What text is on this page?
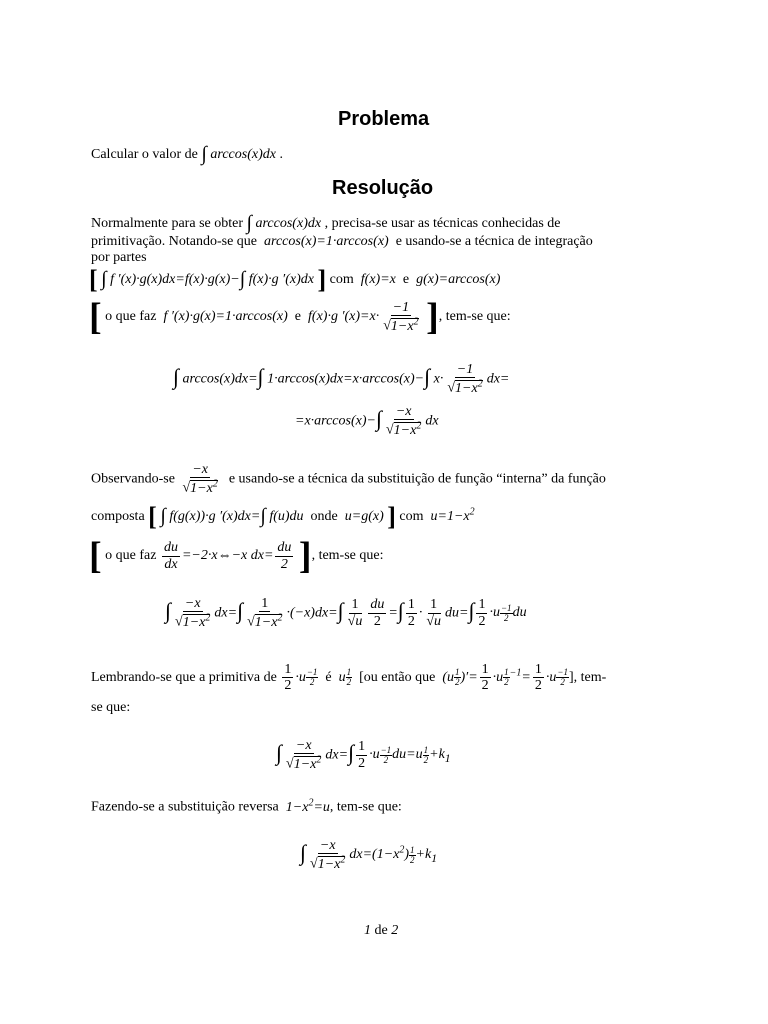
Problema
Calcular o valor de ∫ arccos(x)dx .
Resolução
Normalmente para se obter ∫ arccos(x)dx , precisa-se usar as técnicas conhecidas de
primitivação. Notando-se que arccos(x)=1·arccos(x)  e usando-se a técnica de integração
por partes
[ ∫ f ′(x)·g(x)dx=f(x)·g(x)−∫ f(x)·g ′(x)dx ] com f(x)=x e g(x)=arccos(x)
[ o que faz f ′(x)·g(x)=1·arccos(x) e f(x)·g $'(x)=x\cdot \frac{-1}{√1-x^2}$ ], tem-se que:
∫ arccos(x)dx=∫ 1·arccos(x)dx=x·arccos(x)−∫ $x\cdot \frac{-1}{√1-x^2} dx=$
$=x\cdot\arccos(x)-\int \frac{-x}{√1-x^2}$ dx
Observando-se $\frac{-x}{√1-x^2}$ e usando-se a técnica da substituição de função “interna” da função
composta [ ∫ f(g(x))·g ′(x)dx=∫ f(u)du onde u=g(x) ] com $u=1-x^2$
[ o que faz $\frac{du}{dx}$ =−2·x⇔−x $dx= \frac{du}{2}$ ], tem-se que:
∫ $\frac{-x}{√1-x^2} dx=\int \frac{1}{√1-x^2} \cdot(-x)dx=\int \frac{1}{√u} \frac{du}{2}$ =∫ $\frac{1}{2} \cdot \frac{1}{√u} du=\int \frac{1}{2} \cdot u \frac{-1}{2}$ du
Lembrando-se que a primitiva de $\frac{1}{2} \cdot u \frac{-1}{2}$ é u $\frac{1}{2} [ou$ então que ($u \frac{1}{2}$ )′= $\frac{1}{2} \cdot u \frac{1}{2} ^{-1}= \frac{1}{2} \cdot u \frac{-1}{2}$ ], tem-
se que:
∫ $\frac{-x}{√1-x^2} dx=\int \frac{1}{2} \cdot u \frac{-1}{2} du=u \frac{1}{2} +k_1$
Fazendo-se a substituição reversa $1-x^2=u$, tem-se que:
∫ $\frac{-x}{√1-x^2} dx=(1-x^2) \frac{1}{2} +k_1$
1 de 2
